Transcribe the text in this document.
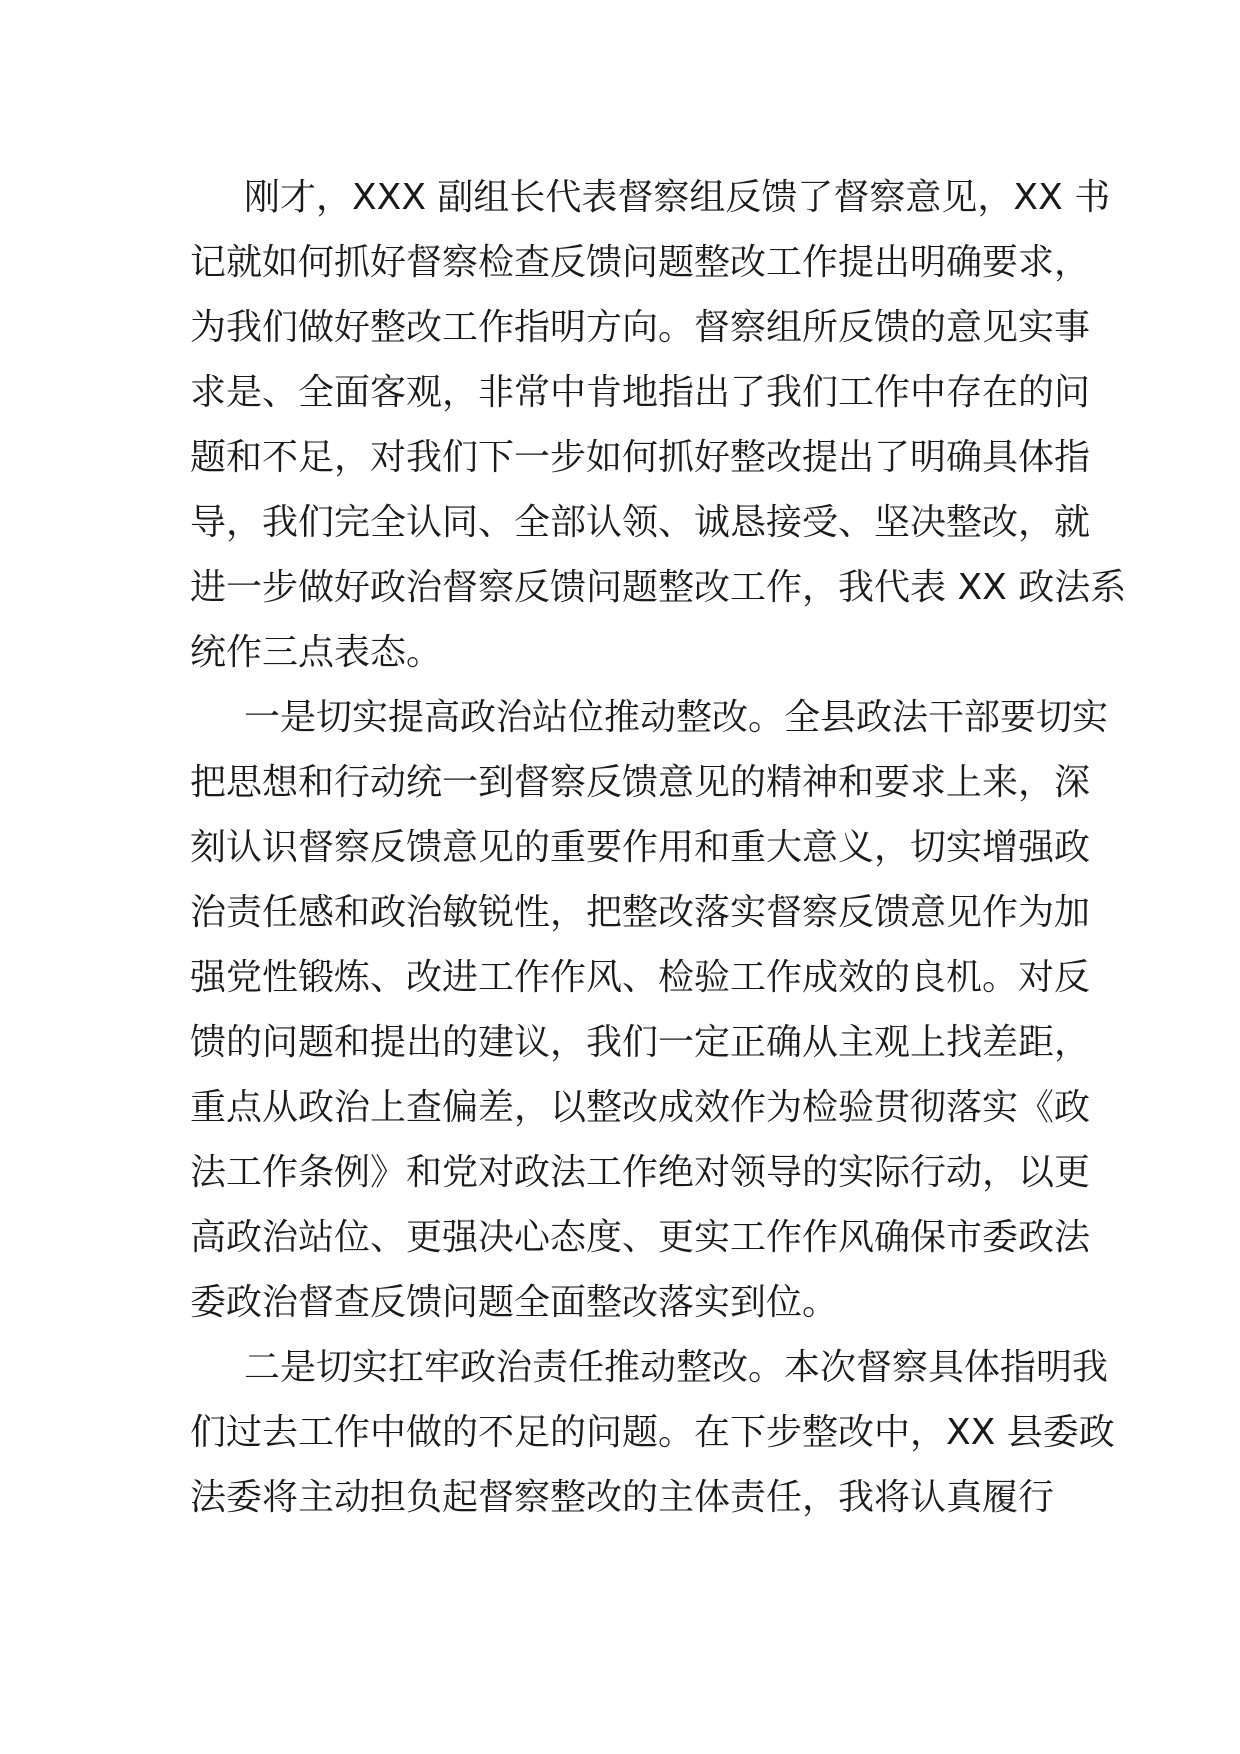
刚才，XXX 副组长代表督察组反馈了督察意见，XX 书
记就如何抓好督察检查反馈问题整改工作提出明确要求，
为我们做好整改工作指明方向。督察组所反馈的意见实事
求是、全面客观，非常中肯地指出了我们工作中存在的问
题和不足，对我们下一步如何抓好整改提出了明确具体指
导，我们完全认同、全部认领、诚恳接受、坚决整改，就
进一步做好政治督察反馈问题整改工作，我代表 XX 政法系
统作三点表态。
一是切实提高政治站位推动整改。全县政法干部要切实
把思想和行动统一到督察反馈意见的精神和要求上来，深
刻认识督察反馈意见的重要作用和重大意义，切实增强政
治责任感和政治敏锐性，把整改落实督察反馈意见作为加
强党性锻炼、改进工作作风、检验工作成效的良机。对反
馈的问题和提出的建议，我们一定正确从主观上找差距，
重点从政治上查偏差，以整改成效作为检验贯彻落实《政
法工作条例》和党对政法工作绝对领导的实际行动，以更
高政治站位、更强决心态度、更实工作作风确保市委政法
委政治督查反馈问题全面整改落实到位。
二是切实扛牢政治责任推动整改。本次督察具体指明我
们过去工作中做的不足的问题。在下步整改中，XX 县委政
法委将主动担负起督察整改的主体责任，我将认真履行
